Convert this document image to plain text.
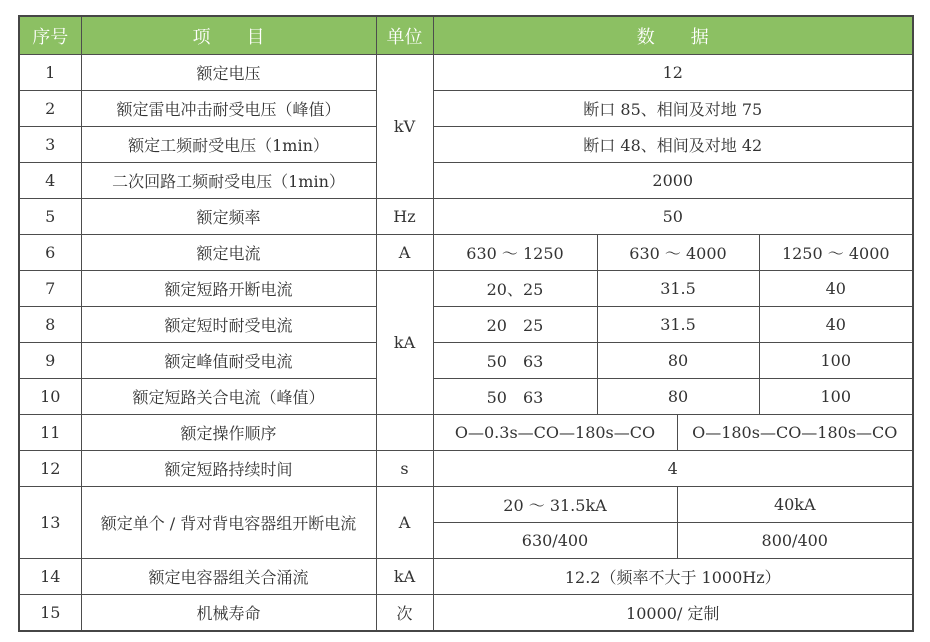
序号	项　　目	单位	数　　据			
1	额定电压	kV	12			
2	额定雷电冲击耐受电压（峰值）		断口 85、相间及对地 75			
3	额定工频耐受电压（1min）		断口 48、相间及对地 42			
4	二次回路工频耐受电压（1min）		2000			
5	额定频率	Hz	50			
6	额定电流	A	630 ～ 1250	630 ～ 4000		1250 ～ 4000
7	额定短路开断电流	kA	20、25	31.5		40
8	额定短时耐受电流		20　25	31.5		40
9	额定峰值耐受电流		50　63	80		100
10	额定短路关合电流（峰值）		50　63	80		100
11	额定操作顺序		O—0.3s—CO—180s—CO		O—180s—CO—180s—CO	
12	额定短路持续时间	s	4			
13	额定单个 / 背对背电容器组开断电流	A	20 ～ 31.5kA		40kA	
			630/400		800/400	
14	额定电容器组关合涌流	kA	12.2（频率不大于 1000Hz）			
15	机械寿命	次	10000/ 定制			
